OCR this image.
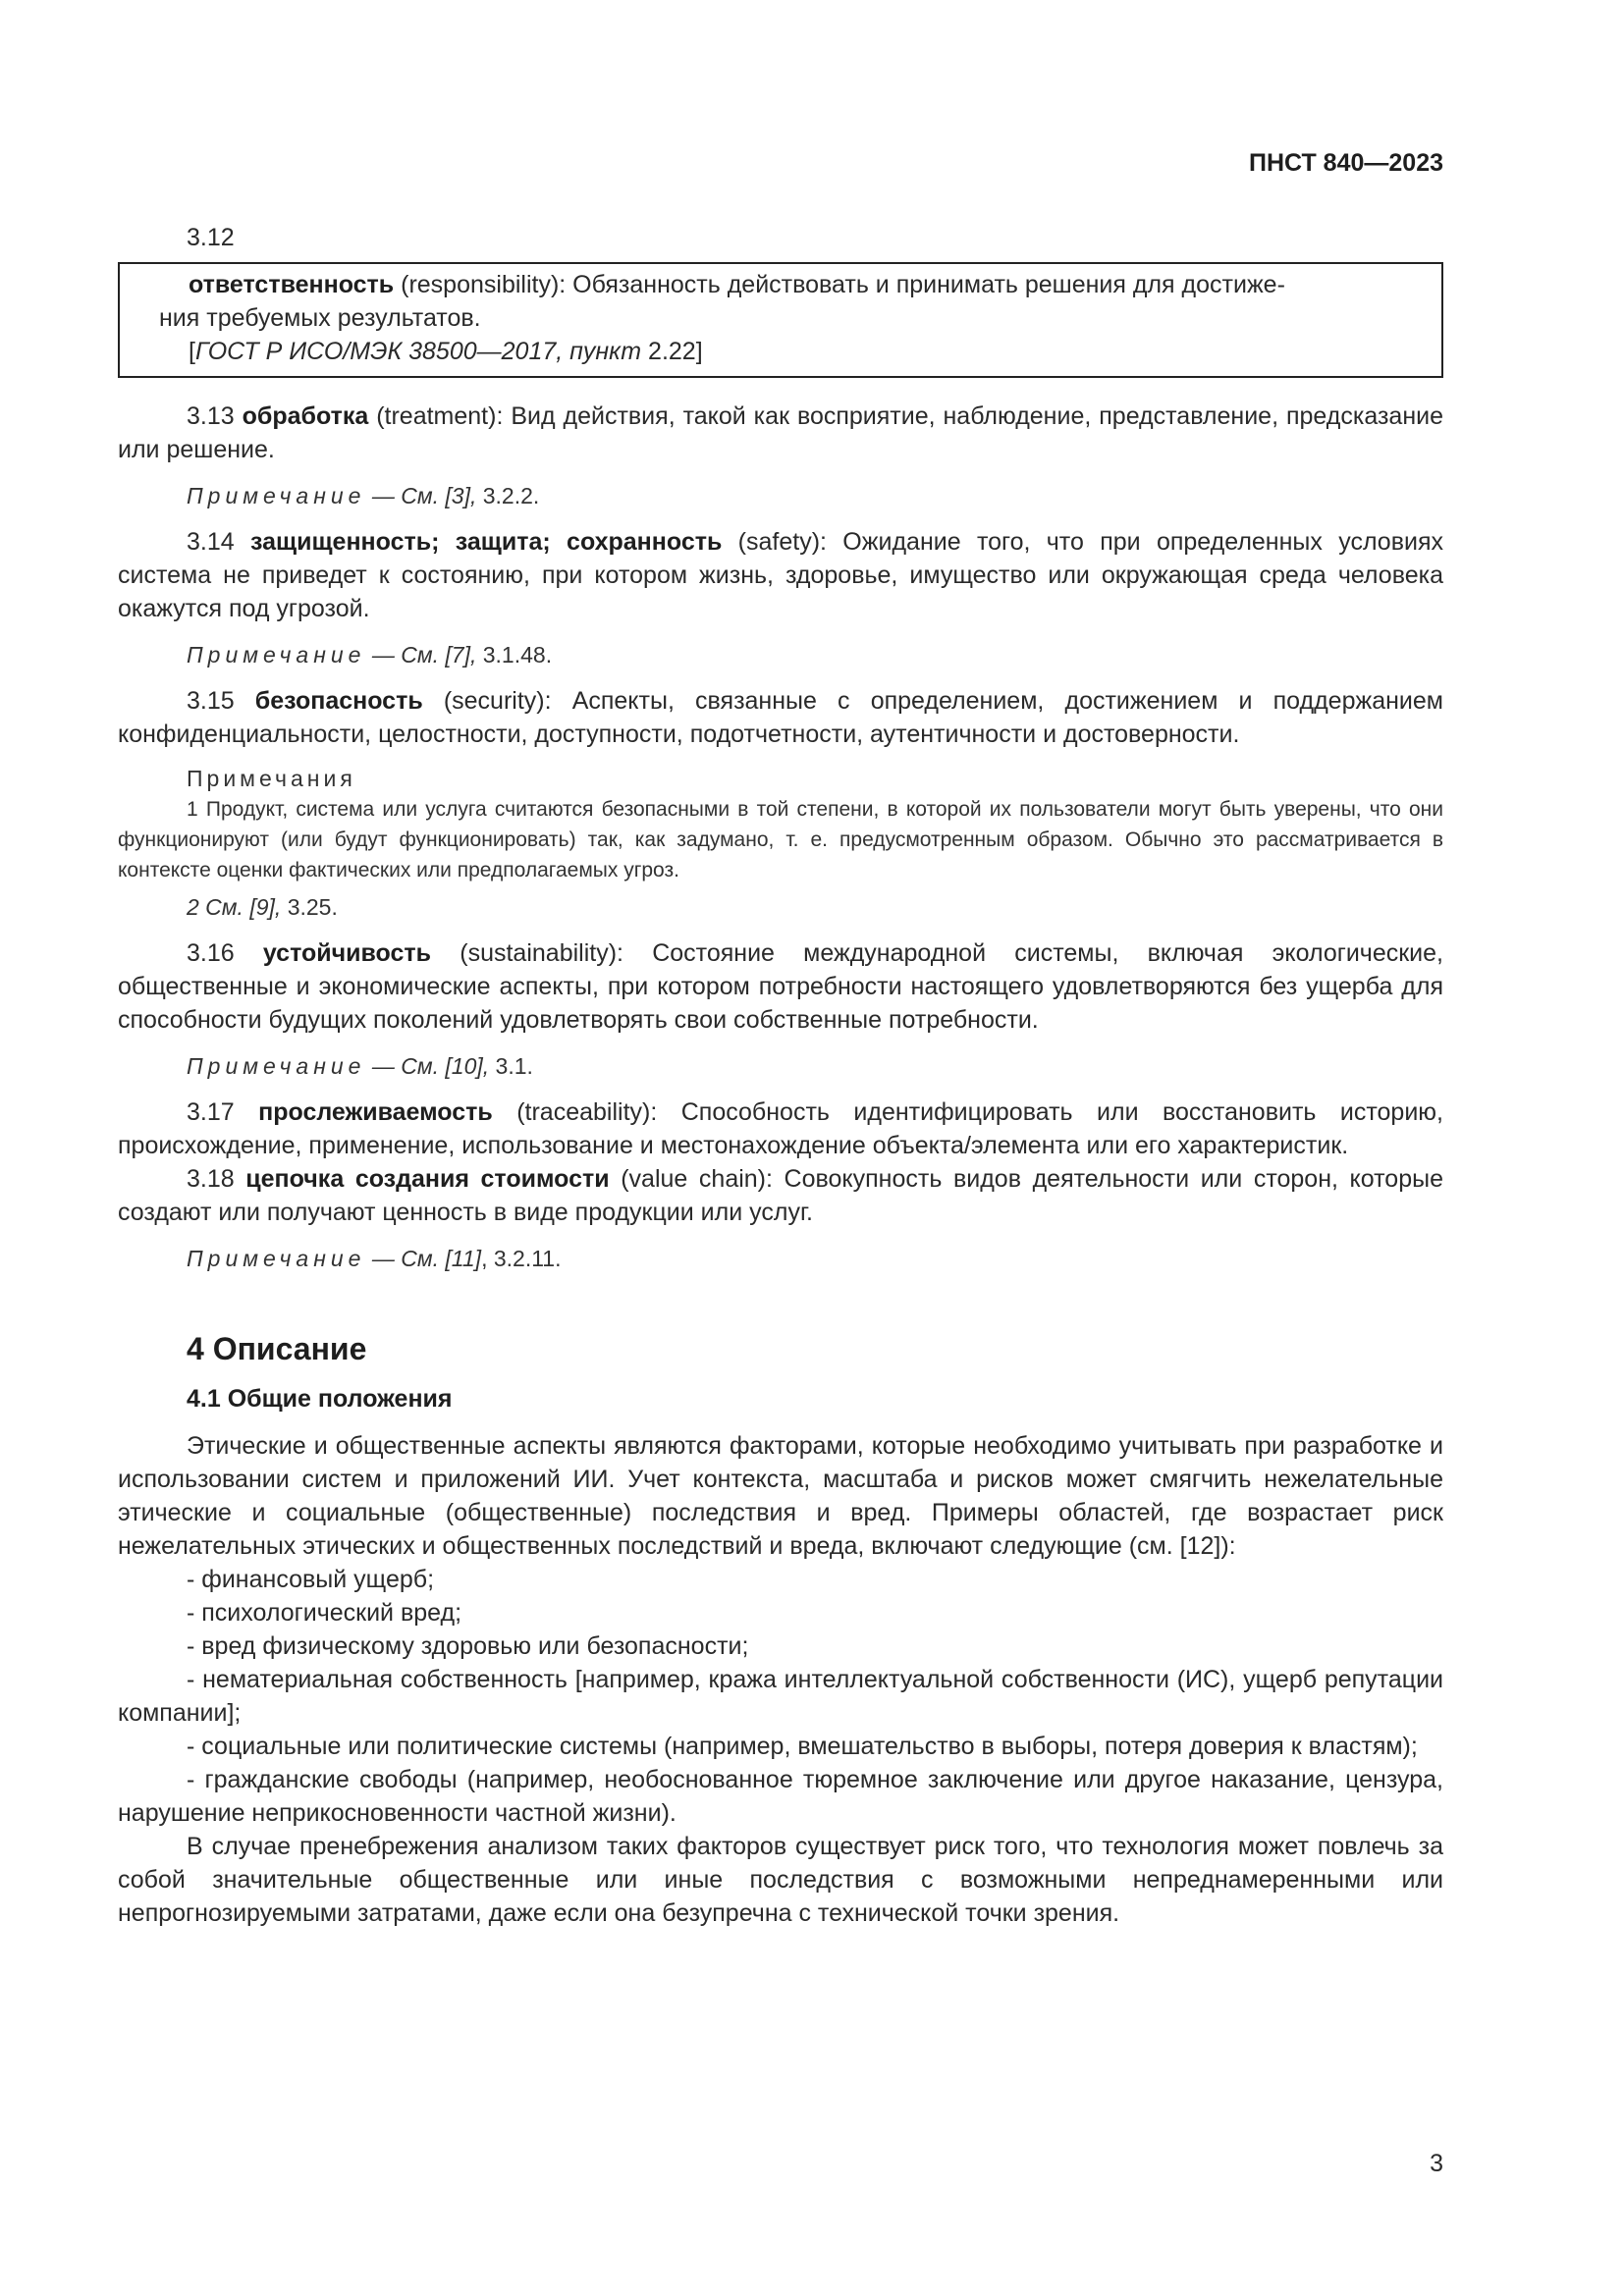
ПНСТ 840—2023

3.12

ответственность (responsibility): Обязанность действовать и принимать решения для достиже-

ния требуемых результатов.

[ГОСТ Р ИСО/МЭК 38500—2017, пункт 2.22]

3.13 обработка (treatment): Вид действия, такой как восприятие, наблюдение, представление, предсказание или решение.

Примечание — См. [3], 3.2.2.

3.14 защищенность; защита; сохранность (safety): Ожидание того, что при определенных условиях система не приведет к состоянию, при котором жизнь, здоровье, имущество или окружающая среда человека окажутся под угрозой.

Примечание — См. [7], 3.1.48.

3.15 безопасность (security): Аспекты, связанные с определением, достижением и поддержанием конфиденциальности, целостности, доступности, подотчетности, аутентичности и достоверности.

Примечания

1 Продукт, система или услуга считаются безопасными в той степени, в которой их пользователи могут быть уверены, что они функционируют (или будут функционировать) так, как задумано, т. е. предусмотренным образом. Обычно это рассматривается в контексте оценки фактических или предполагаемых угроз.

2 См. [9], 3.25.

3.16 устойчивость (sustainability): Состояние международной системы, включая экологические, общественные и экономические аспекты, при котором потребности настоящего удовлетворяются без ущерба для способности будущих поколений удовлетворять свои собственные потребности.

Примечание — См. [10], 3.1.

3.17 прослеживаемость (traceability): Способность идентифицировать или восстановить историю, происхождение, применение, использование и местонахождение объекта/элемента или его характеристик.

3.18 цепочка создания стоимости (value chain): Совокупность видов деятельности или сторон, которые создают или получают ценность в виде продукции или услуг.

Примечание — См. [11], 3.2.11.

4 Описание
4.1 Общие положения

Этические и общественные аспекты являются факторами, которые необходимо учитывать при разработке и использовании систем и приложений ИИ. Учет контекста, масштаба и рисков может смягчить нежелательные этические и социальные (общественные) последствия и вред. Примеры областей, где возрастает риск нежелательных этических и общественных последствий и вреда, включают следующие (см. [12]):

- финансовый ущерб;

- психологический вред;

- вред физическому здоровью или безопасности;

- нематериальная собственность [например, кража интеллектуальной собственности (ИС), ущерб репутации компании];

- социальные или политические системы (например, вмешательство в выборы, потеря доверия к властям);

- гражданские свободы (например, необоснованное тюремное заключение или другое наказание, цензура, нарушение неприкосновенности частной жизни).

В случае пренебрежения анализом таких факторов существует риск того, что технология может повлечь за собой значительные общественные или иные последствия с возможными непреднамеренными или непрогнозируемыми затратами, даже если она безупречна с технической точки зрения.

3
